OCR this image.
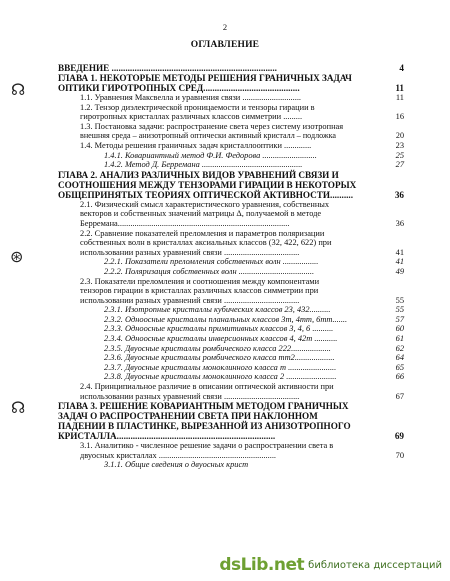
2
ОГЛАВЛЕНИЕ
☊
⊛
☊
ВВЕДЕНИЕ ........................................................................	4
ГЛАВА 1. НЕКОТОРЫЕ МЕТОДЫ РЕШЕНИЯ ГРАНИЧНЫХ ЗАДАЧ
ОПТИКИ ГИРОТРОПНЫХ СРЕД..........................................	11
1.1. Уравнения Максвелла и уравнения связи ............................	11
1.2. Тензор диэлектрической проницаемости и тензоры гирации в
гиротропных кристаллах различных классов симметрии .........	16
1.3. Постановка задачи: распространение света через систему изотропная
внешняя среда – анизотропный оптически активный кристалл – подложка	20
1.4. Методы решения граничных задач кристаллооптики .............	23
1.4.1. Ковариантный метод Ф.И. Федорова ..........................	25
1.4.2. Метод Д. Берремана ................................................	27
ГЛАВА 2. АНАЛИЗ РАЗЛИЧНЫХ ВИДОВ УРАВНЕНИЙ СВЯЗИ И
СООТНОШЕНИЯ МЕЖДУ ТЕНЗОРАМИ ГИРАЦИИ В НЕКОТОРЫХ
ОБЩЕПРИНЯТЫХ ТЕОРИЯХ ОПТИЧЕСКОЙ АКТИВНОСТИ..........	36
2.1. Физический смысл характеристического уравнения, собственных
векторов и собственных значений матрицы Δ, получаемой в методе
Берремана..................................................................................	36
2.2. Сравнение показателей преломления и параметров поляризации
собственных волн в кристаллах аксиальных классов (32, 422, 622) при
использовании разных уравнений связи ....................................	41
2.2.1. Показатели преломления собственных волн .................	41
2.2.2. Поляризация собственных волн ....................................	49
2.3. Показатели преломления и соотношения между компонентами
тензоров гирации в кристаллах различных классов симметрии при
использовании разных уравнений связи ....................................	55
2.3.1. Изотропные кристаллы кубических классов 23, 432..........	55
2.3.2. Одноосные кристаллы планальных классов 3m, 4mm, 6mm.......	57
2.3.3. Одноосные кристаллы примитивных классов 3, 4, 6 ..........	60
2.3.4. Одноосные кристаллы инверсионных классов 4, 42m ...........	61
2.3.5. Двуосные кристаллы ромбического класса 222...................	62
2.3.6. Двуосные кристаллы ромбического класса mm2...................	64
2.3.7. Двуосные кристаллы моноклинного класса m .......................	65
2.3.8. Двуосные кристаллы моноклинного класса 2 ........................	66
2.4. Принципиальное различие в описании оптической активности при
использовании разных уравнений связи ....................................	67
ГЛАВА 3. РЕШЕНИЕ КОВАРИАНТНЫМ МЕТОДОМ ГРАНИЧНЫХ
ЗАДАЧ О РАСПРОСТРАНЕНИИ СВЕТА ПРИ НАКЛОННОМ
ПАДЕНИИ В ПЛАСТИНКЕ, ВЫРЕЗАННОЙ ИЗ АНИЗОТРОПНОГО
КРИСТАЛЛА.....................................................................	69
3.1. Аналитико - численное решение задачи о распространении света в
двуосных кристаллах ........................................................	70
3.1.1. Общие сведения о двуосных крист
dsLib.net библиотека диссертаций
